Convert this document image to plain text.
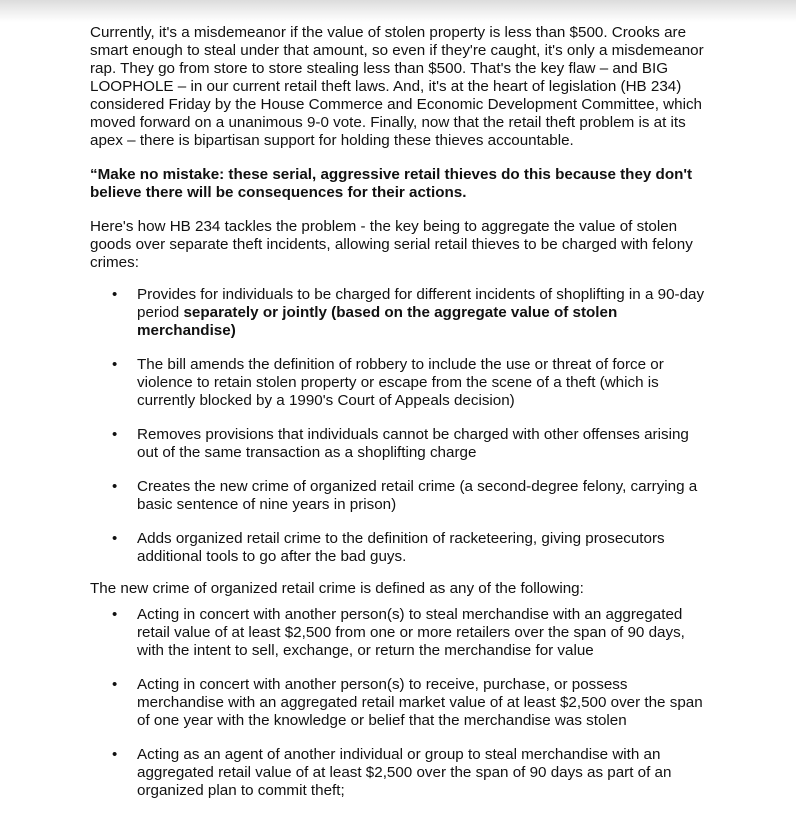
Currently, it's a misdemeanor if the value of stolen property is less than $500. Crooks are smart enough to steal under that amount, so even if they're caught, it's only a misdemeanor rap. They go from store to store stealing less than $500. That's the key flaw – and BIG LOOPHOLE – in our current retail theft laws. And, it's at the heart of legislation (HB 234) considered Friday by the House Commerce and Economic Development Committee, which moved forward on a unanimous 9-0 vote. Finally, now that the retail theft problem is at its apex – there is bipartisan support for holding these thieves accountable.

“Make no mistake: these serial, aggressive retail thieves do this because they don't believe there will be consequences for their actions.

Here's how HB 234 tackles the problem - the key being to aggregate the value of stolen goods over separate theft incidents, allowing serial retail thieves to be charged with felony crimes:

• Provides for individuals to be charged for different incidents of shoplifting in a 90-day period separately or jointly (based on the aggregate value of stolen merchandise)
• The bill amends the definition of robbery to include the use or threat of force or violence to retain stolen property or escape from the scene of a theft (which is currently blocked by a 1990's Court of Appeals decision)
• Removes provisions that individuals cannot be charged with other offenses arising out of the same transaction as a shoplifting charge
• Creates the new crime of organized retail crime (a second-degree felony, carrying a basic sentence of nine years in prison)
• Adds organized retail crime to the definition of racketeering, giving prosecutors additional tools to go after the bad guys.

The new crime of organized retail crime is defined as any of the following:

• Acting in concert with another person(s) to steal merchandise with an aggregated retail value of at least $2,500 from one or more retailers over the span of 90 days, with the intent to sell, exchange, or return the merchandise for value
• Acting in concert with another person(s) to receive, purchase, or possess merchandise with an aggregated retail market value of at least $2,500 over the span of one year with the knowledge or belief that the merchandise was stolen
• Acting as an agent of another individual or group to steal merchandise with an aggregated retail value of at least $2,500 over the span of 90 days as part of an organized plan to commit theft;
